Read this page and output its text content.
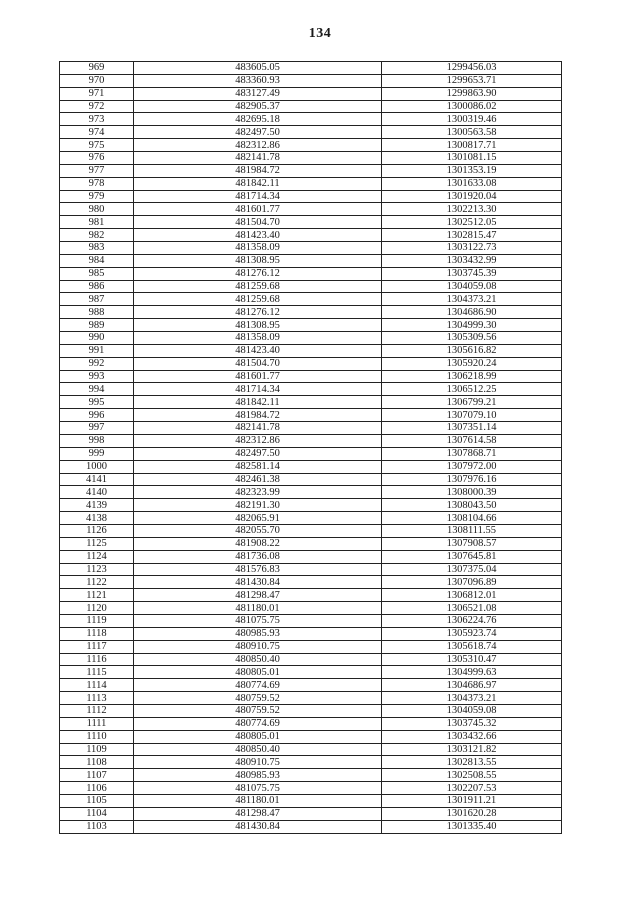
134
969	483605.05	1299456.03
970	483360.93	1299653.71
971	483127.49	1299863.90
972	482905.37	1300086.02
973	482695.18	1300319.46
974	482497.50	1300563.58
975	482312.86	1300817.71
976	482141.78	1301081.15
977	481984.72	1301353.19
978	481842.11	1301633.08
979	481714.34	1301920.04
980	481601.77	1302213.30
981	481504.70	1302512.05
982	481423.40	1302815.47
983	481358.09	1303122.73
984	481308.95	1303432.99
985	481276.12	1303745.39
986	481259.68	1304059.08
987	481259.68	1304373.21
988	481276.12	1304686.90
989	481308.95	1304999.30
990	481358.09	1305309.56
991	481423.40	1305616.82
992	481504.70	1305920.24
993	481601.77	1306218.99
994	481714.34	1306512.25
995	481842.11	1306799.21
996	481984.72	1307079.10
997	482141.78	1307351.14
998	482312.86	1307614.58
999	482497.50	1307868.71
1000	482581.14	1307972.00
4141	482461.38	1307976.16
4140	482323.99	1308000.39
4139	482191.30	1308043.50
4138	482065.91	1308104.66
1126	482055.70	1308111.55
1125	481908.22	1307908.57
1124	481736.08	1307645.81
1123	481576.83	1307375.04
1122	481430.84	1307096.89
1121	481298.47	1306812.01
1120	481180.01	1306521.08
1119	481075.75	1306224.76
1118	480985.93	1305923.74
1117	480910.75	1305618.74
1116	480850.40	1305310.47
1115	480805.01	1304999.63
1114	480774.69	1304686.97
1113	480759.52	1304373.21
1112	480759.52	1304059.08
1111	480774.69	1303745.32
1110	480805.01	1303432.66
1109	480850.40	1303121.82
1108	480910.75	1302813.55
1107	480985.93	1302508.55
1106	481075.75	1302207.53
1105	481180.01	1301911.21
1104	481298.47	1301620.28
1103	481430.84	1301335.40
